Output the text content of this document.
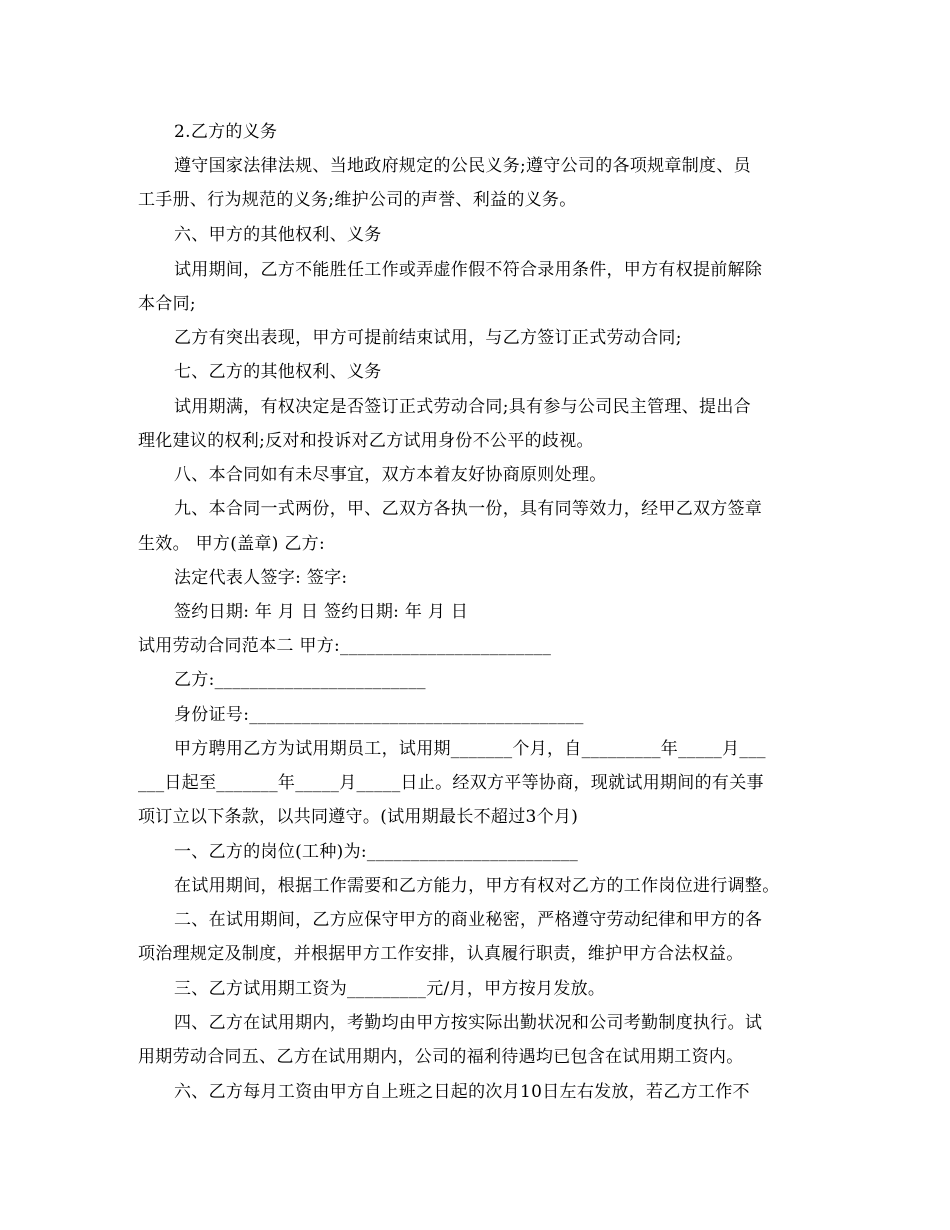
2.乙方的义务
遵守国家法律法规、当地政府规定的公民义务;遵守公司的各项规章制度、员
工手册、行为规范的义务;维护公司的声誉、利益的义务。
六、甲方的其他权利、义务
试用期间，乙方不能胜任工作或弄虚作假不符合录用条件，甲方有权提前解除
本合同;
乙方有突出表现，甲方可提前结束试用，与乙方签订正式劳动合同;
七、乙方的其他权利、义务
试用期满，有权决定是否签订正式劳动合同;具有参与公司民主管理、提出合
理化建议的权利;反对和投诉对乙方试用身份不公平的歧视。
八、本合同如有未尽事宜，双方本着友好协商原则处理。
九、本合同一式两份，甲、乙双方各执一份，具有同等效力，经甲乙双方签章
生效。 甲方(盖章) 乙方:
法定代表人签字: 签字:
签约日期: 年 月 日 签约日期: 年 月 日
试用劳动合同范本二 甲方:________________________
乙方:________________________
身份证号:______________________________________
甲方聘用乙方为试用期员工，试用期_______个月，自_________年_____月___
___日起至_______年_____月_____日止。经双方平等协商，现就试用期间的有关事
项订立以下条款，以共同遵守。(试用期最长不超过3个月)
一、乙方的岗位(工种)为:________________________
在试用期间，根据工作需要和乙方能力，甲方有权对乙方的工作岗位进行调整。
二、在试用期间，乙方应保守甲方的商业秘密，严格遵守劳动纪律和甲方的各
项治理规定及制度，并根据甲方工作安排，认真履行职责，维护甲方合法权益。
三、乙方试用期工资为_________元/月，甲方按月发放。
四、乙方在试用期内，考勤均由甲方按实际出勤状况和公司考勤制度执行。试
用期劳动合同五、乙方在试用期内，公司的福利待遇均已包含在试用期工资内。
六、乙方每月工资由甲方自上班之日起的次月10日左右发放，若乙方工作不
